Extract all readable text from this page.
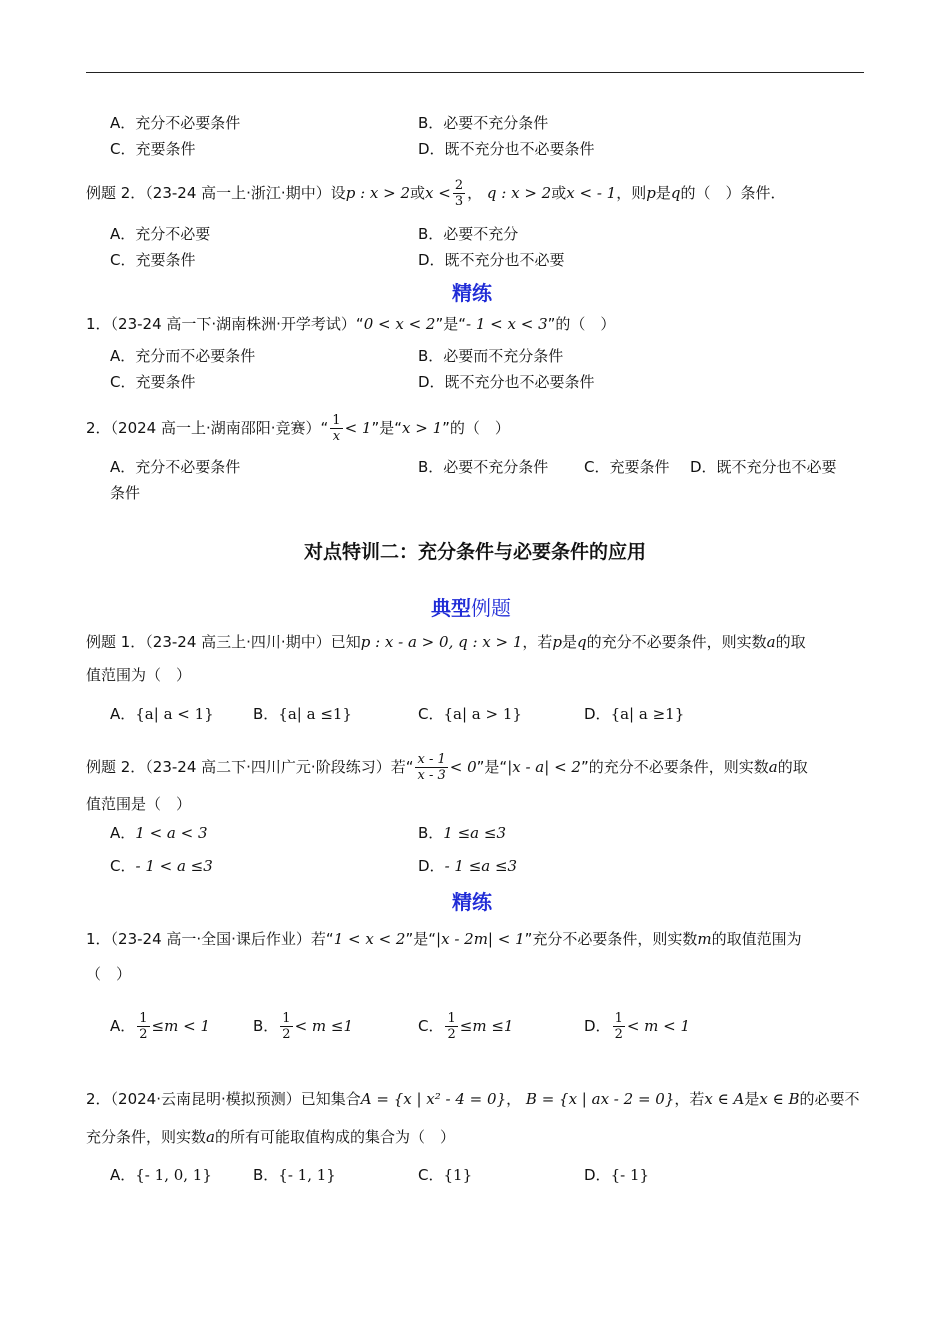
A．充分不必要条件	B．必要不充分条件
C．充要条件	D．既不充分也不必要条件
例题 2．（23-24 高一上·浙江·期中）设p : x > 2或$x < \frac{2}{3}$ ， q : x > 2或x < - 1，则p是q的（　）条件．
A．充分不必要	B．必要不充分
C．充要条件	D．既不充分也不必要
精练
1．（23-24 高一下·湖南株洲·开学考试）“0 < x < 2”是“- 1 < x < 3”的（　）
A．充分而不必要条件	B．必要而不充分条件
C．充要条件	D．既不充分也不必要条件
2．（2024 高一上·湖南邵阳·竞赛）“ $\frac{1}{x} < 1$”是“x > 1”的（　）
A．充分不必要条件	B．必要不充分条件 C．充要条件 D．既不充分也不必要
条件
对点特训二：充分条件与必要条件的应用
典型例题
例题 1．（23-24 高三上·四川·期中）已知p : x - a > 0, q : x > 1，若p是q的充分不必要条件，则实数a的取
值范围为（　）
A．{a| a < 1}	B．{a| a ≤1}	C．{a| a > 1}	D．{a| a ≥1}
例题 2．（23-24 高二下·四川广元·阶段练习）若“ $\frac{x - 1}{x - 3} < 0$”是“|x - a| < 2”的充分不必要条件，则实数a的取
值范围是（　）
A．1 < a < 3	B．1 ≤a ≤3
C．- 1 < a ≤3	D．- 1 ≤a ≤3
精练
1．（23-24 高一·全国·课后作业）若“1 < x < 2”是“|x - 2m| < 1”充分不必要条件，则实数m的取值范围为
（　）
A． $\frac{1}{2} \le m < 1$	B． $\frac{1}{2} < m \le 1$	C． $\frac{1}{2} \le m \le 1$	D． $\frac{1}{2} < m < 1$
2．（2024·云南昆明·模拟预测）已知集合A = {x | x² - 4 = 0}， B = {x | ax - 2 = 0}，若x ∈ A是x ∈ B的必要不
充分条件，则实数a的所有可能取值构成的集合为（　）
A．{- 1, 0, 1}	B．{- 1, 1}	C．{1}	D．{- 1}
